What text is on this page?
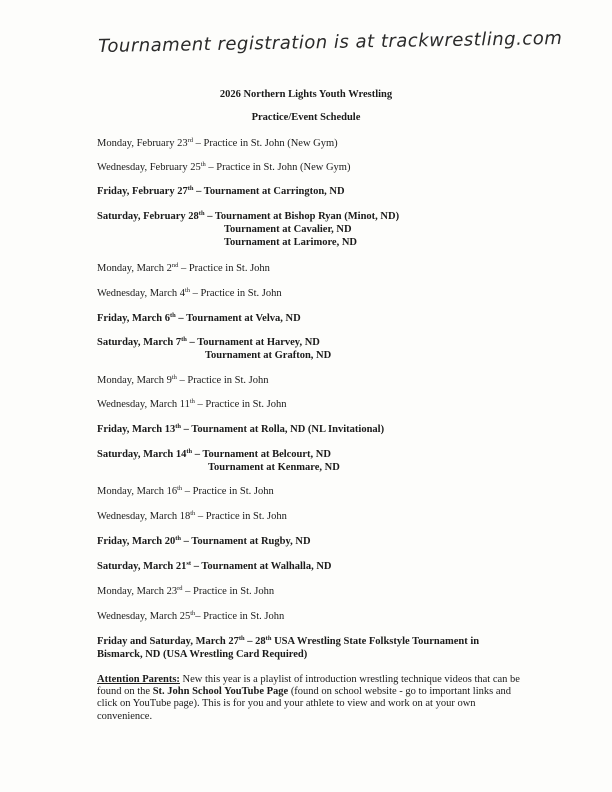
Tournament registration is at trackwrestling.com
2026 Northern Lights Youth Wrestling
Practice/Event Schedule
Monday, February 23rd – Practice in St. John (New Gym)
Wednesday, February 25th – Practice in St. John (New Gym)
Friday, February 27th – Tournament at Carrington, ND
Saturday, February 28th – Tournament at Bishop Ryan (Minot, ND)
Tournament at Cavalier, ND
Tournament at Larimore, ND
Monday, March 2nd – Practice in St. John
Wednesday, March 4th – Practice in St. John
Friday, March 6th – Tournament at Velva, ND
Saturday, March 7th – Tournament at Harvey, ND
Tournament at Grafton, ND
Monday, March 9th – Practice in St. John
Wednesday, March 11th – Practice in St. John
Friday, March 13th – Tournament at Rolla, ND (NL Invitational)
Saturday, March 14th – Tournament at Belcourt, ND
Tournament at Kenmare, ND
Monday, March 16th – Practice in St. John
Wednesday, March 18th – Practice in St. John
Friday, March 20th – Tournament at Rugby, ND
Saturday, March 21st – Tournament at Walhalla, ND
Monday, March 23rd – Practice in St. John
Wednesday, March 25th– Practice in St. John
Friday and Saturday, March 27th – 28th USA Wrestling State Folkstyle Tournament in Bismarck, ND (USA Wrestling Card Required)
Attention Parents: New this year is a playlist of introduction wrestling technique videos that can be found on the St. John School YouTube Page (found on school website - go to important links and click on YouTube page). This is for you and your athlete to view and work on at your own convenience.
